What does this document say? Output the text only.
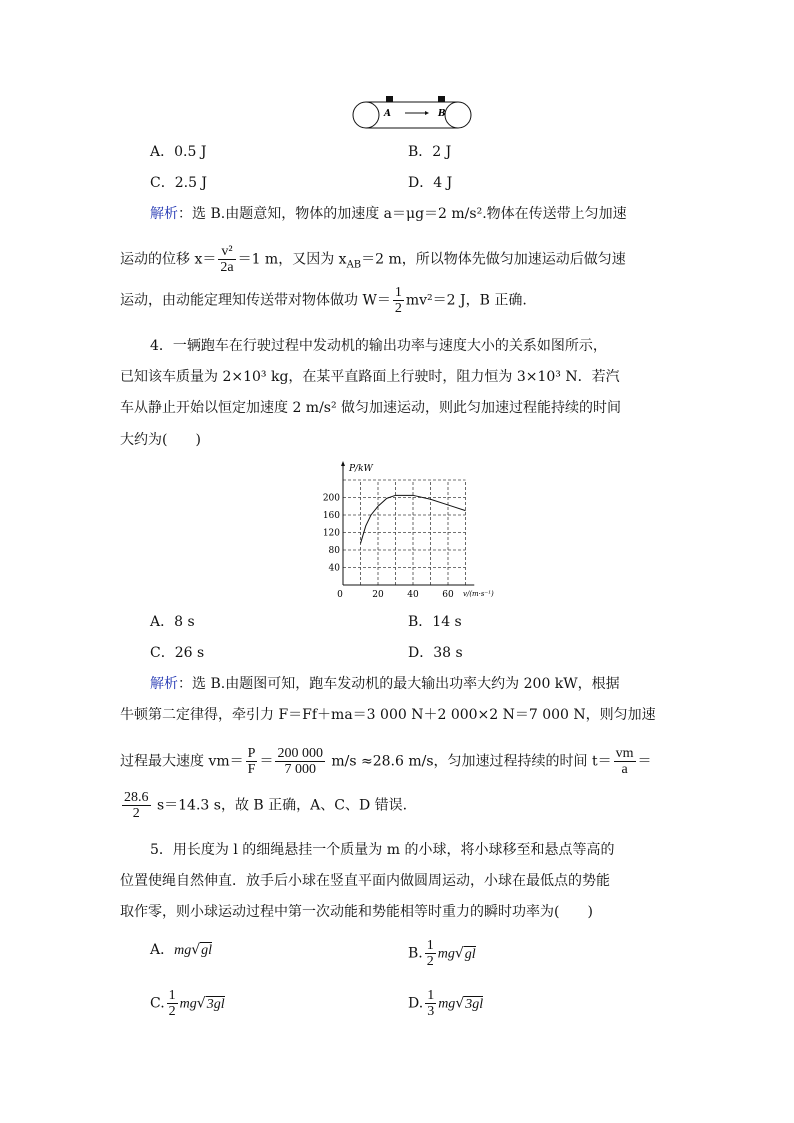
A	B
A．0.5 J	B．2 J
C．2.5 J	D．4 J
解析：选 B.由题意知，物体的加速度 a＝μg＝2 m/s².物体在传送带上匀加速
运动的位移 $x= \frac{\text{v²}}{2a} =1$ m，又因为 $x_{AB}=2$ m，所以物体先做匀加速运动后做匀速
运动，由动能定理知传送带对物体做功 $W= \frac{1}{2} mv^2=2$ J，B 正确.
4．一辆跑车在行驶过程中发动机的输出功率与速度大小的关系如图所示，
已知该车质量为 2×10³ kg，在某平直路面上行驶时，阻力恒为 3×10³ N．若汽
车从静止开始以恒定加速度 2 m/s² 做匀加速运动，则此匀加速过程能持续的时间
大约为(　　)
P/kW
v/(m·s⁻¹)
40
80
120
160
200
0	20	40	60
A．8 s	B．14 s
C．26 s	D．38 s
解析：选 B.由题图可知，跑车发动机的最大输出功率大约为 200 kW，根据
牛顿第二定律得，牵引力 F＝Ff＋ma＝3 000 N＋2 000×2 N＝7 000 N，则匀加速
过程最大速度 $vm= \frac{P}{F} = \frac{200 000}{7 000} m/s \approx 28.6$ m/s，匀加速过程持续的时间 $t= \frac{vm}{a}$ ＝
$\frac{28.6}{2} s=14.3$ s，故 B 正确，A、C、D 错误.
5．用长度为 l 的细绳悬挂一个质量为 m 的小球，将小球移至和悬点等高的
位置使绳自然伸直．放手后小球在竖直平面内做圆周运动，小球在最低点的势能
取作零，则小球运动过程中第一次动能和势能相等时重力的瞬时功率为(　　)
A．mg√gl	B. $\frac{1}{2} mg√gl$
C. $\frac{1}{2} mg√3gl$	D. $\frac{1}{3} mg√3gl$
